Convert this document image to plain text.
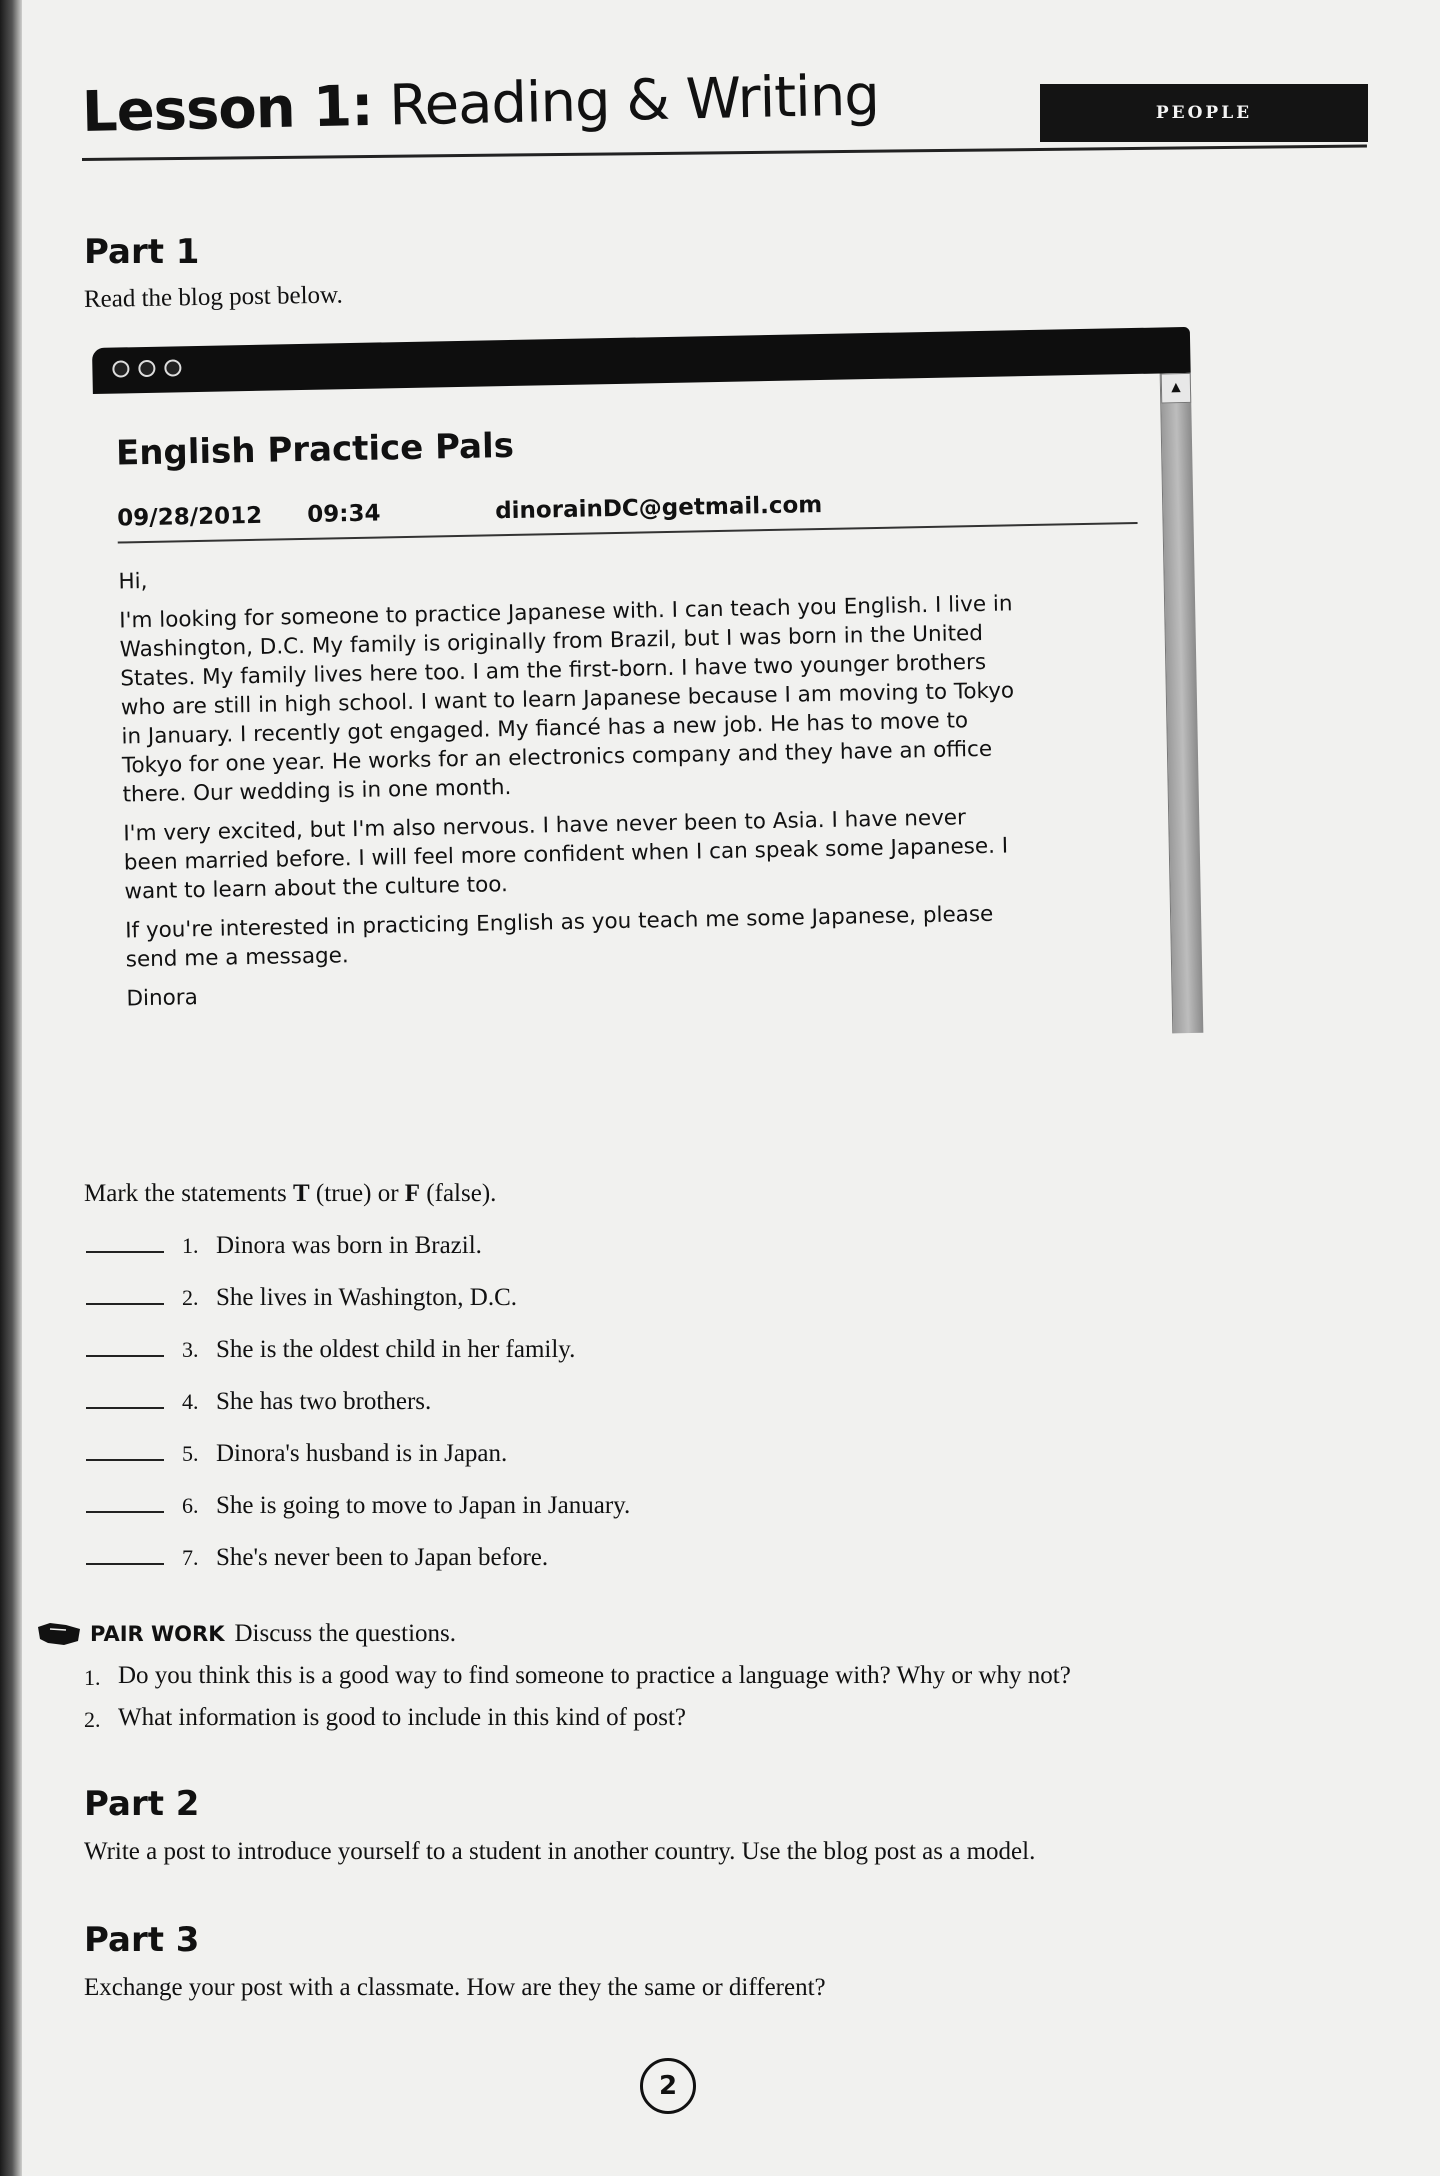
Lesson 1: Reading & Writing	PEOPLE
Part 1
Read the blog post below.
▲
English Practice Pals
09/28/2012 09:34	dinorainDC@getmail.com

Hi,

I'm looking for someone to practice Japanese with. I can teach you English. I live in Washington, D.C. My family is originally from Brazil, but I was born in the United States. My family lives here too. I am the first-born. I have two younger brothers who are still in high school. I want to learn Japanese because I am moving to Tokyo in January. I recently got engaged. My fiancé has a new job. He has to move to Tokyo for one year. He works for an electronics company and they have an office there. Our wedding is in one month.

I'm very excited, but I'm also nervous. I have never been to Asia. I have never been married before. I will feel more confident when I can speak some Japanese. I want to learn about the culture too.

If you're interested in practicing English as you teach me some Japanese, please send me a message.

Dinora

Mark the statements T (true) or F (false).
1. Dinora was born in Brazil.
2. She lives in Washington, D.C.
3. She is the oldest child in her family.
4. She has two brothers.
5. Dinora's husband is in Japan.
6. She is going to move to Japan in January.
7. She's never been to Japan before.
PAIR WORK Discuss the questions.
1. Do you think this is a good way to find someone to practice a language with? Why or why not?
2. What information is good to include in this kind of post?
Part 2
Write a post to introduce yourself to a student in another country. Use the blog post as a model.
Part 3
Exchange your post with a classmate. How are they the same or different?
2
